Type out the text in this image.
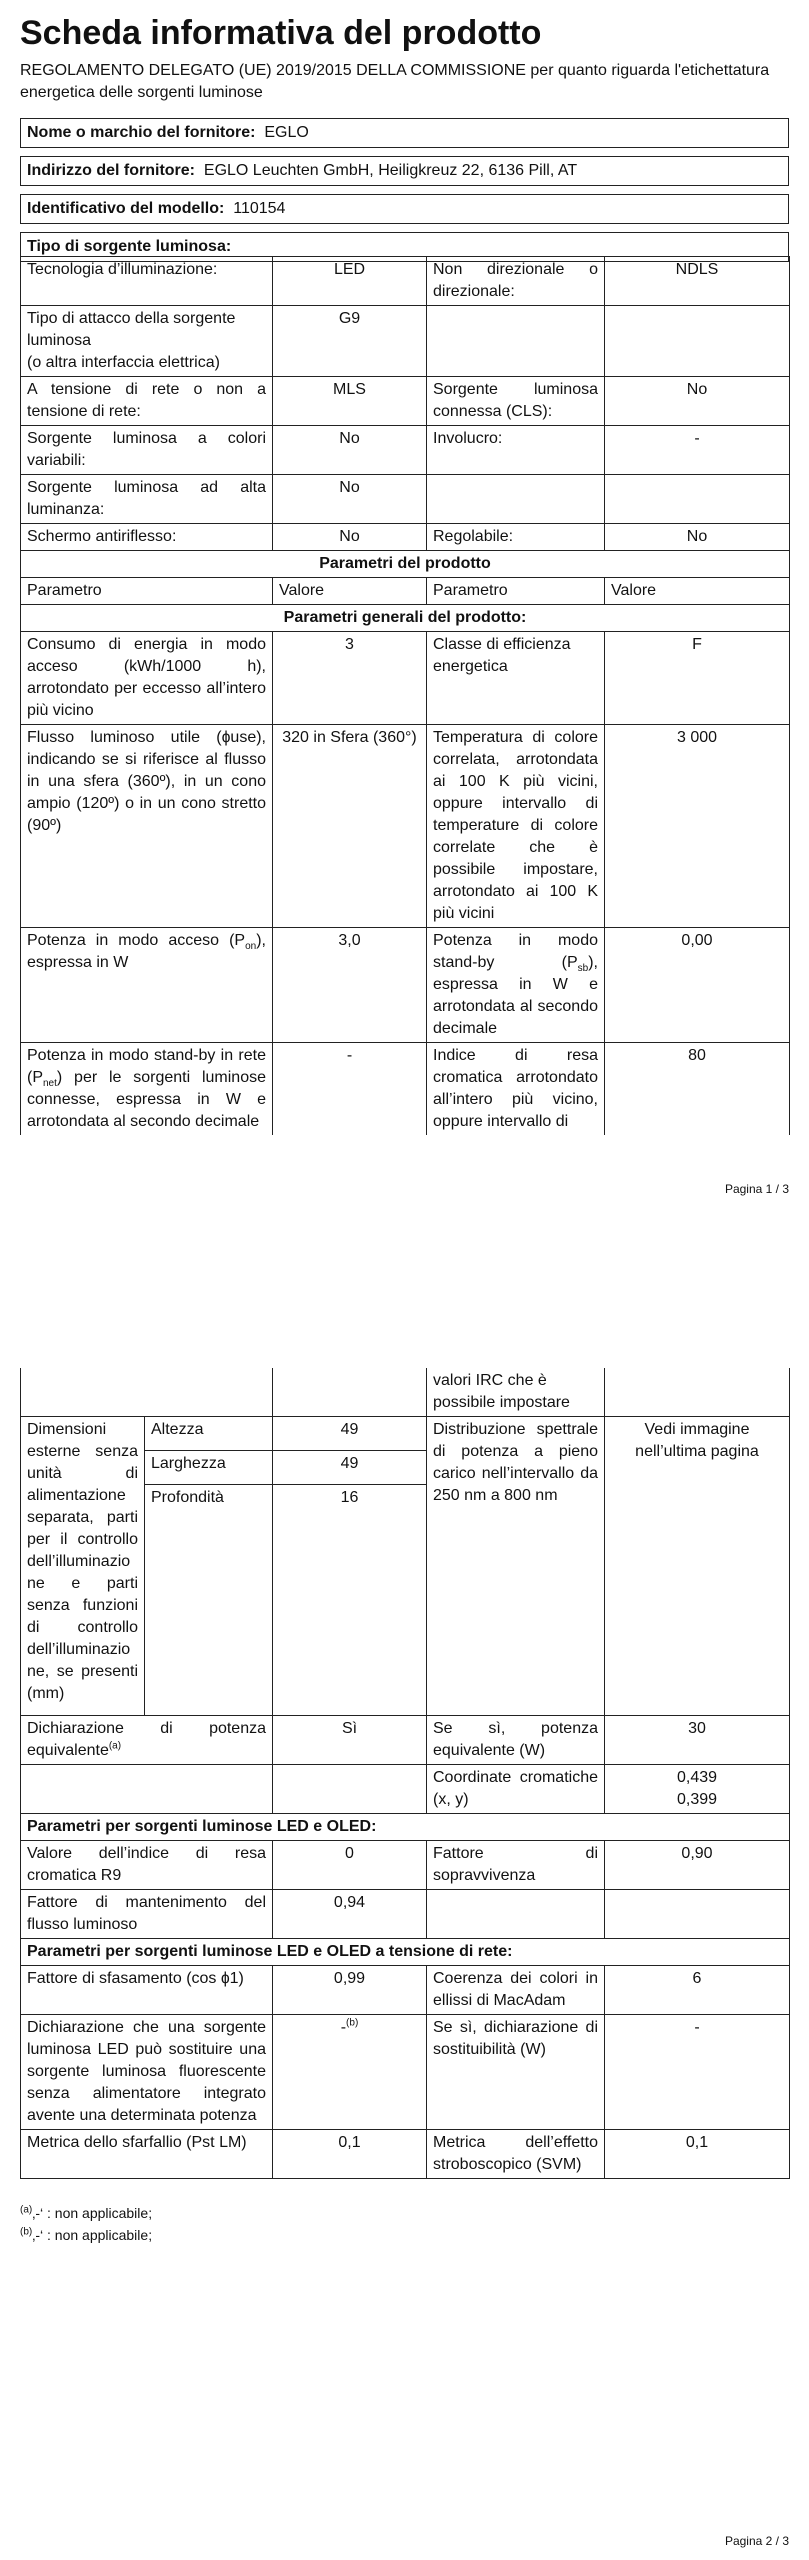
Scheda informativa del prodotto
REGOLAMENTO DELEGATO (UE) 2019/2015 DELLA COMMISSIONE per quanto riguarda l'etichettatura energetica delle sorgenti luminose
Nome o marchio del fornitore: EGLO
Indirizzo del fornitore: EGLO Leuchten GmbH, Heiligkreuz 22, 6136 Pill, AT
Identificativo del modello: 110154
Tipo di sorgente luminosa:
Tecnologia d’illuminazione:	LED	Non direzionale o direzionale:	NDLS

Tipo di attacco della sorgente luminosa
(o altra interfaccia elettrica)	G9		
A tensione di rete o non a tensione di rete:	MLS	Sorgente luminosa connessa (CLS):	No
Sorgente luminosa a colori variabili:	No	Involucro:	-
Sorgente luminosa ad alta luminanza:	No		
Schermo antiriflesso:	No	Regolabile:	No
Parametri del prodotto			
Parametro	Valore	Parametro	Valore
Parametri generali del prodotto:			
Consumo di energia in modo acceso (kWh/1000 h), arrotondato per eccesso all’intero più vicino	3	Classe di efficienza energetica	F
Flusso luminoso utile (ɸuse), indicando se si riferisce al flusso in una sfera (360º), in un cono ampio (120º) o in un cono stretto (90º)	320 in Sfera (360°)	Temperatura di colore correlata, arrotondata ai 100 K più vicini, oppure intervallo di temperature di colore correlate che è possibile impostare, arrotondato ai 100 K più vicini	3 000
Potenza in modo acceso $(P_{on})$, espressa in W	3,0	Potenza in modo stand-by $(P_{sb})$, espressa in W e arrotondata al secondo decimale	0,00
Potenza in modo stand-by in rete $(P_{net})$ per le sorgenti luminose connesse, espressa in W e arrotondata al secondo decimale	-	Indice di resa cromatica arrotondato all’intero più vicino, oppure intervallo di	80
Pagina 1 / 3
			valori IRC che è possibile impostare	
Dimensioni esterne senza unità di alimentazione separata, parti per il controllo dell’illuminazione e parti senza funzioni di controllo dell’illuminazione, se presenti (mm)	Altezza	49	Distribuzione spettrale di potenza a pieno carico nell’intervallo da 250 nm a 800 nm	Vedi immagine nell’ultima pagina
	Larghezza	49		
	Profondità	16		
Dichiarazione di potenza equivalente$^{(a)}$		Sì	Se sì, potenza equivalente (W)	30
			Coordinate cromatiche (x, y)	0,439
0,399

Parametri per sorgenti luminose LED e OLED:				
Valore dell’indice di resa cromatica R9		0	Fattore di sopravvivenza	0,90
Fattore di mantenimento del flusso luminoso		0,94		
Parametri per sorgenti luminose LED e OLED a tensione di rete:				
Fattore di sfasamento (cos ɸ1)		0,99	Coerenza dei colori in ellissi di MacAdam	6
Dichiarazione che una sorgente luminosa LED può sostituire una sorgente luminosa fluorescente senza alimentatore integrato avente una determinata potenza		-$^{(b)}$	Se sì, dichiarazione di sostituibilità (W)	-
Metrica dello sfarfallio (Pst LM)		0,1	Metrica dell’effetto stroboscopico (SVM)	0,1
$^{(a)}$‚-‘ : non applicabile;
$^{(b)}$‚-‘ : non applicabile;
Pagina 2 / 3
